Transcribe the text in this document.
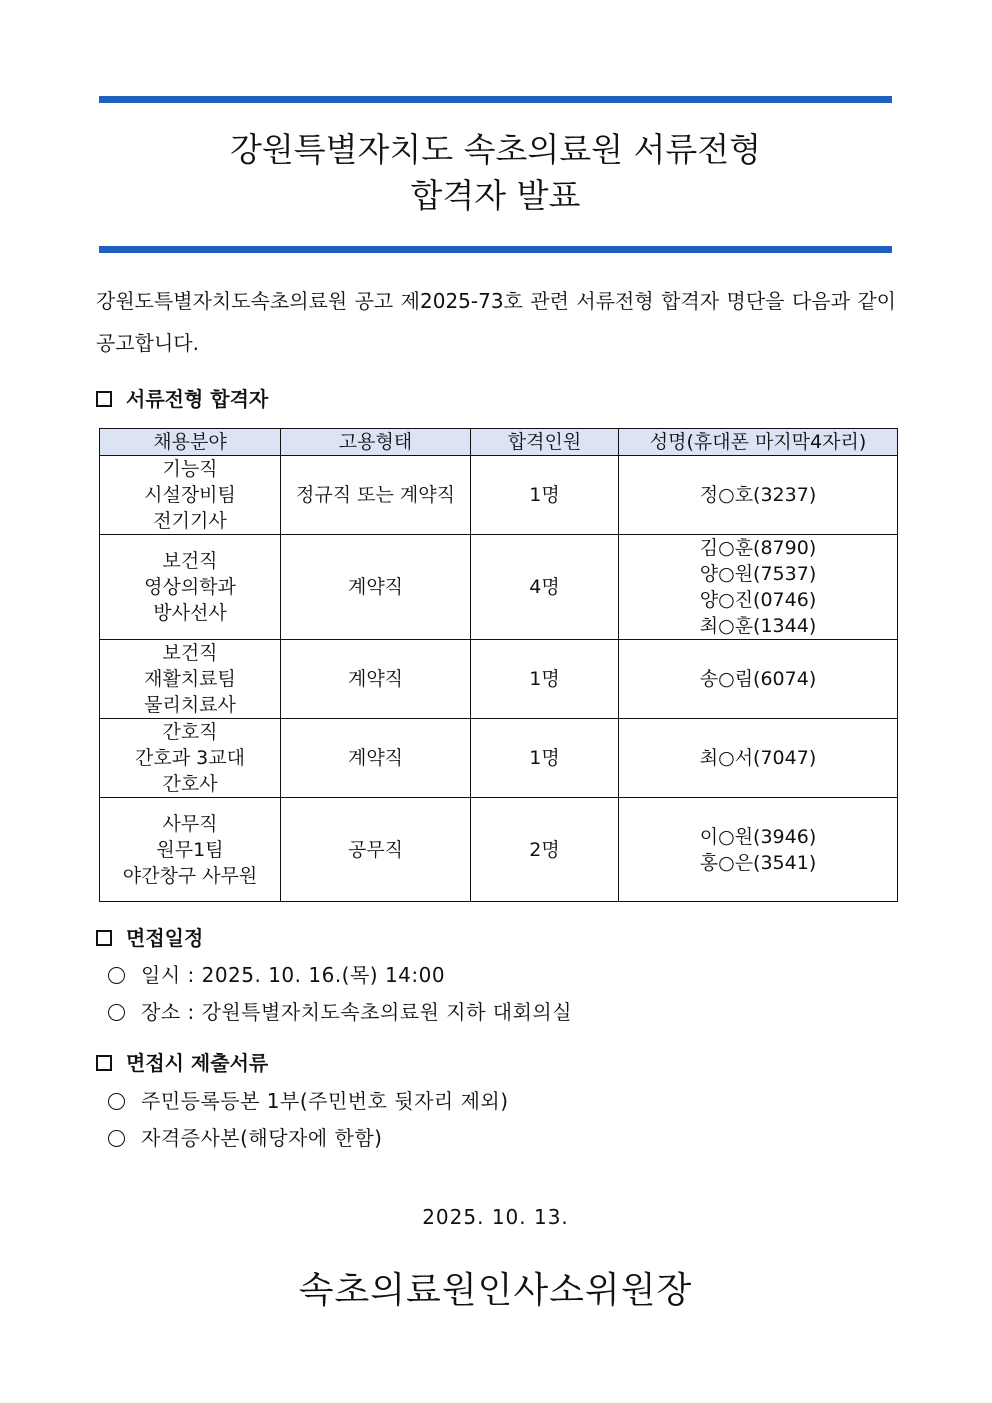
강원특별자치도 속초의료원 서류전형
합격자 발표
강원도특별자치도속초의료원 공고 제2025-73호 관련 서류전형 합격자 명단을 다음과 같이 공고합니다.
서류전형 합격자
채용분야	고용형태	합격인원	성명(휴대폰 마지막4자리)

기능직
시설장비팀
전기기사	정규직 또는 계약직	1명	정○호(3237)

보건직
영상의학과
방사선사	계약직	4명	김○훈(8790)
양○원(7537)
양○진(0746)
최○훈(1344)

보건직
재활치료팀
물리치료사	계약직	1명	송○림(6074)

간호직
간호과 3교대
간호사	계약직	1명	최○서(7047)

사무직
원무1팀
야간창구 사무원	공무직	2명	이○원(3946)
홍○은(3541)
면접일정
일시 : 2025. 10. 16.(목) 14:00
장소 : 강원특별자치도속초의료원 지하 대회의실
면접시 제출서류
주민등록등본 1부(주민번호 뒷자리 제외)
자격증사본(해당자에 한함)
2025. 10. 13.
속초의료원인사소위원장
